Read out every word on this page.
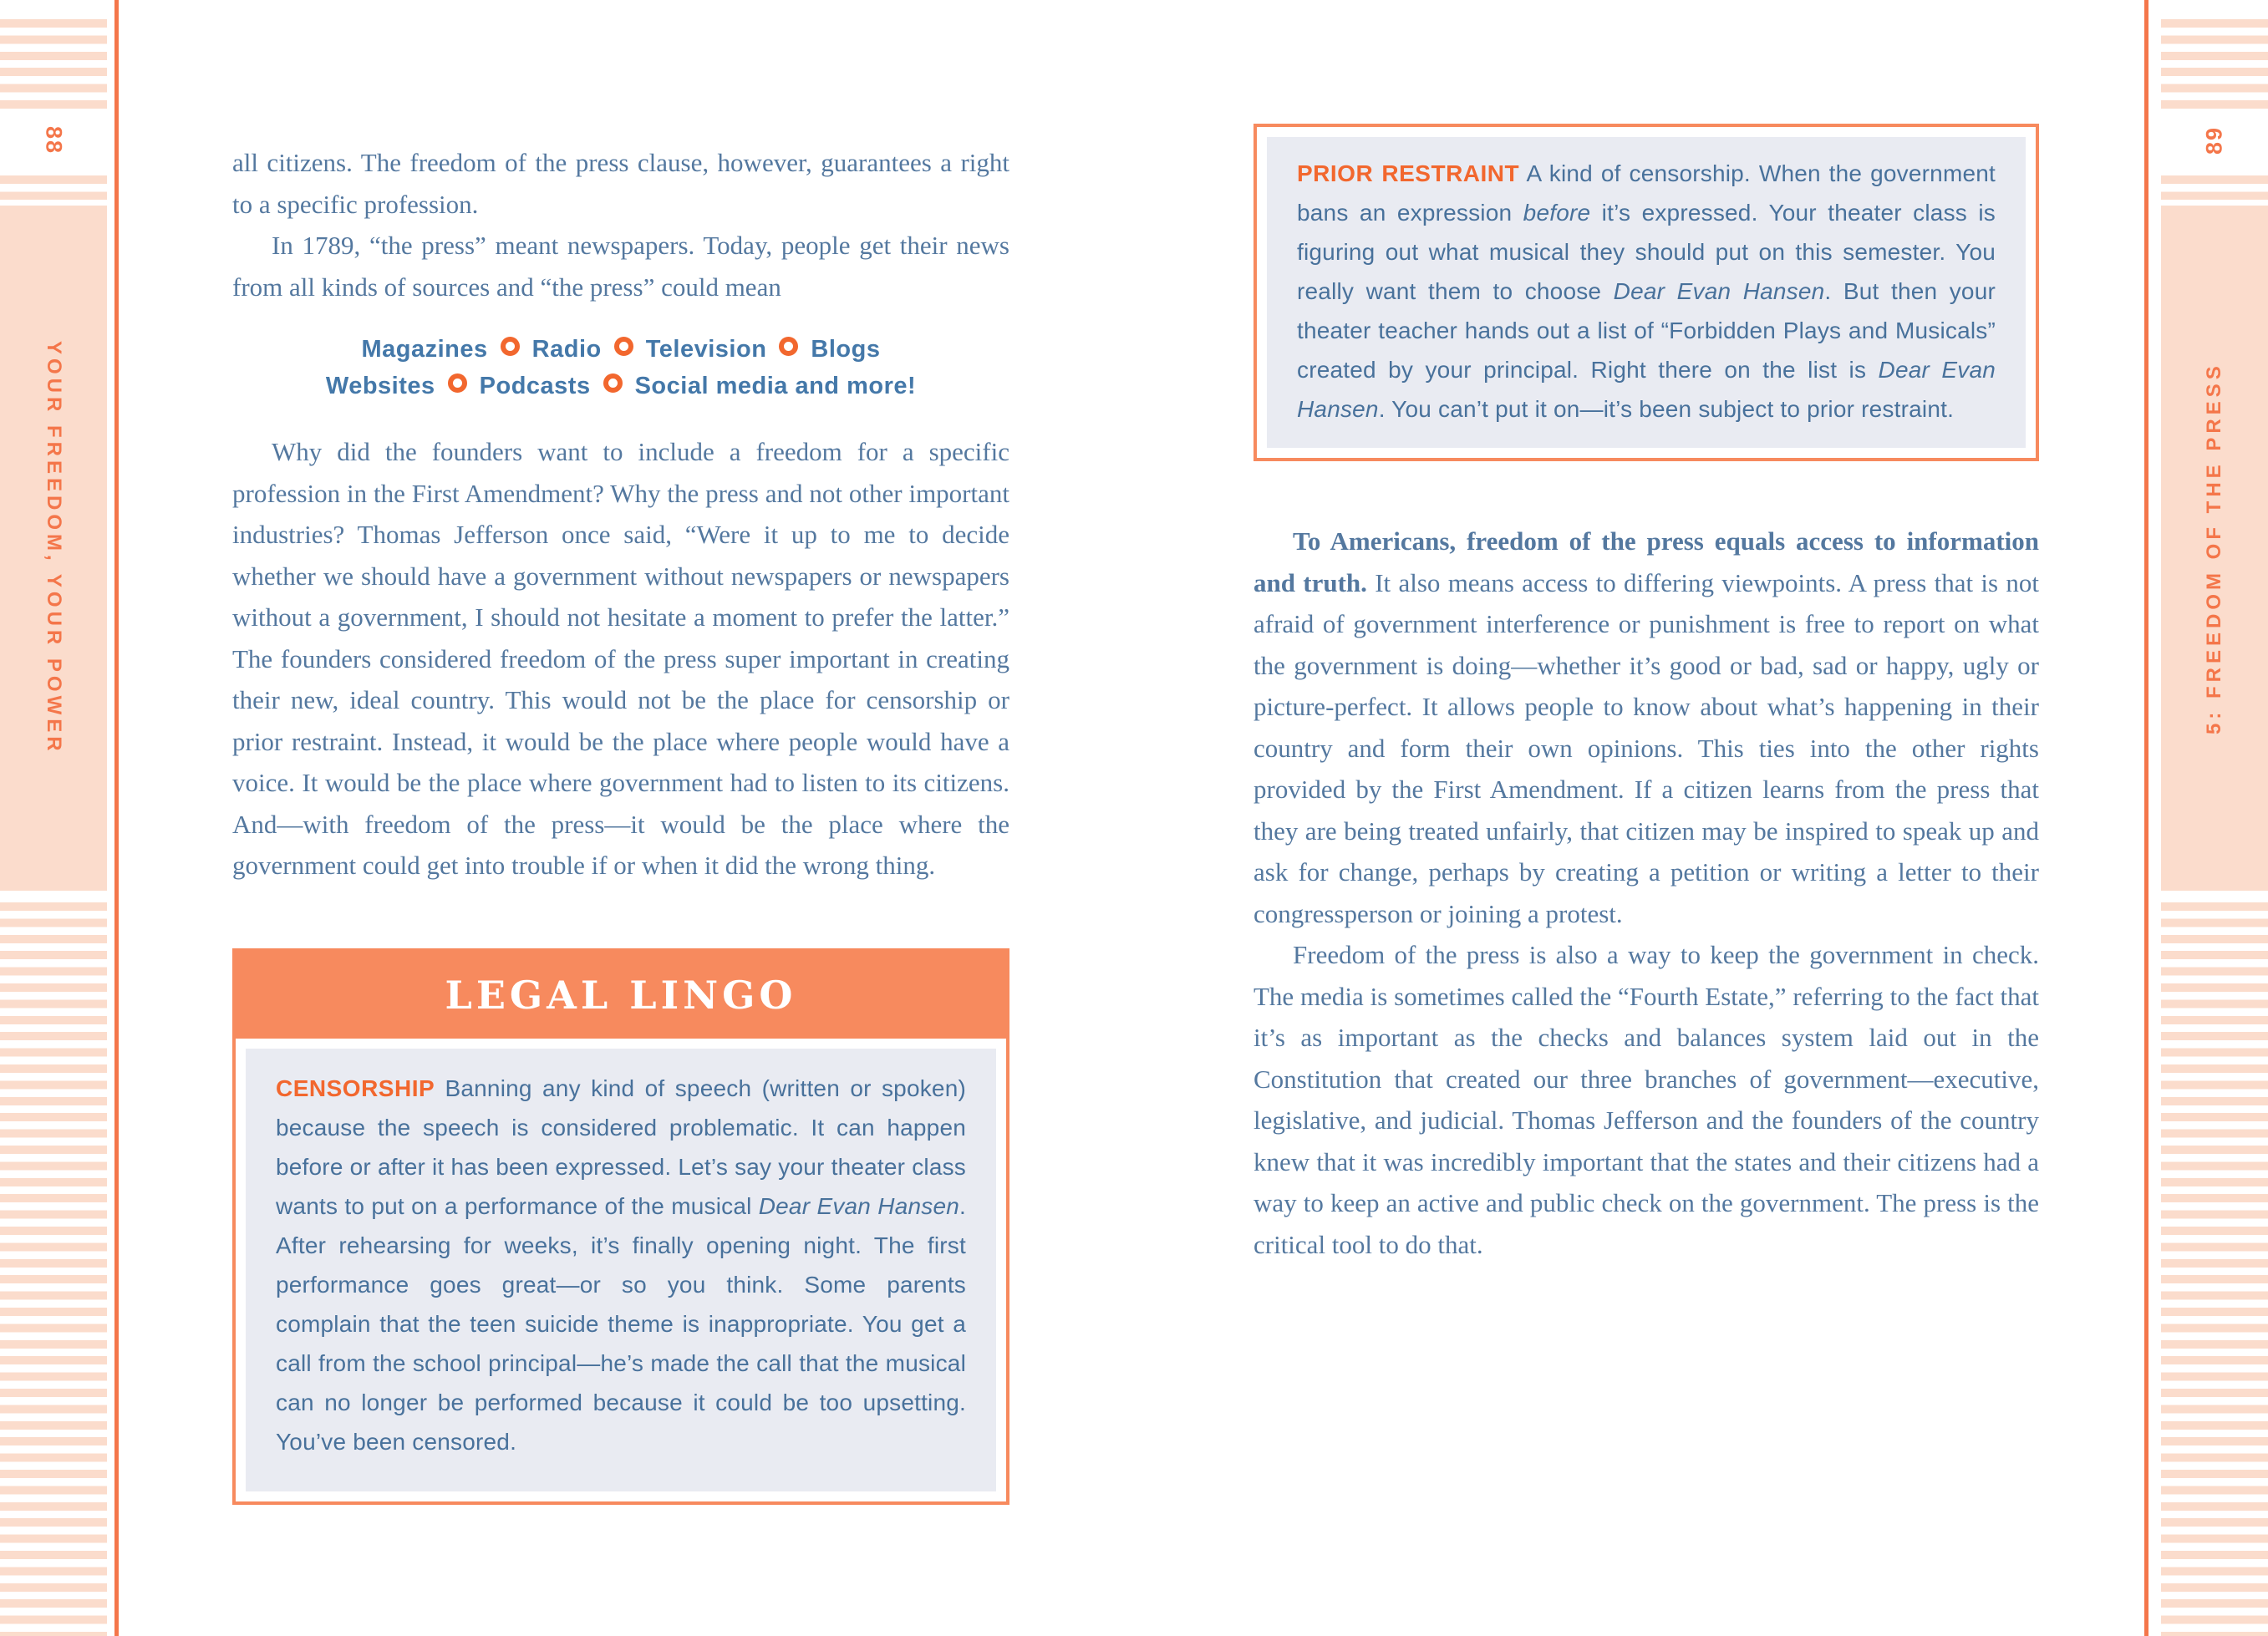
88
YOUR FREEDOM, YOUR POWER

all citizens. The freedom of the press clause, however, guarantees a right to a specific profession.

In 1789, “the press” meant newspapers. Today, people get their news from all kinds of sources and “the press” could mean

Magazines Radio Television Blogs
Websites Podcasts Social media and more!

Why did the founders want to include a freedom for a specific profession in the First Amendment? Why the press and not other important industries? Thomas Jefferson once said, “Were it up to me to decide whether we should have a government without newspapers or newspapers without a government, I should not hesitate a moment to prefer the latter.” The founders considered freedom of the press super important in creating their new, ideal country. This would not be the place for censorship or prior restraint. Instead, it would be the place where people would have a voice. It would be the place where government had to listen to its citizens. And—with freedom of the press—it would be the place where the government could get into trouble if or when it did the wrong thing.

LEGAL LINGO
CENSORSHIP Banning any kind of speech (written or spoken) because the speech is considered problematic. It can happen before or after it has been expressed. Let’s say your theater class wants to put on a performance of the musical Dear Evan Hansen. After rehearsing for weeks, it’s finally opening night. The first performance goes great—or so you think. Some parents complain that the teen suicide theme is inappropriate. You get a call from the school principal—he’s made the call that the musical can no longer be performed because it could be too upsetting. You’ve been censored.
89
5: FREEDOM OF THE PRESS
PRIOR RESTRAINT A kind of censorship. When the government bans an expression before it’s expressed. Your theater class is figuring out what musical they should put on this semester. You really want them to choose Dear Evan Hansen. But then your theater teacher hands out a list of “Forbidden Plays and Musicals” created by your principal. Right there on the list is Dear Evan Hansen. You can’t put it on—it’s been subject to prior restraint.

To Americans, freedom of the press equals access to information and truth. It also means access to differing viewpoints. A press that is not afraid of government interference or punishment is free to report on what the government is doing—whether it’s good or bad, sad or happy, ugly or picture-perfect. It allows people to know about what’s happening in their country and form their own opinions. This ties into the other rights provided by the First Amendment. If a citizen learns from the press that they are being treated unfairly, that citizen may be inspired to speak up and ask for change, perhaps by creating a petition or writing a letter to their congressperson or joining a protest.

Freedom of the press is also a way to keep the government in check. The media is sometimes called the “Fourth Estate,” referring to the fact that it’s as important as the checks and balances system laid out in the Constitution that created our three branches of government—executive, legislative, and judicial. Thomas Jefferson and the founders of the country knew that it was incredibly important that the states and their citizens had a way to keep an active and public check on the government. The press is the critical tool to do that.
